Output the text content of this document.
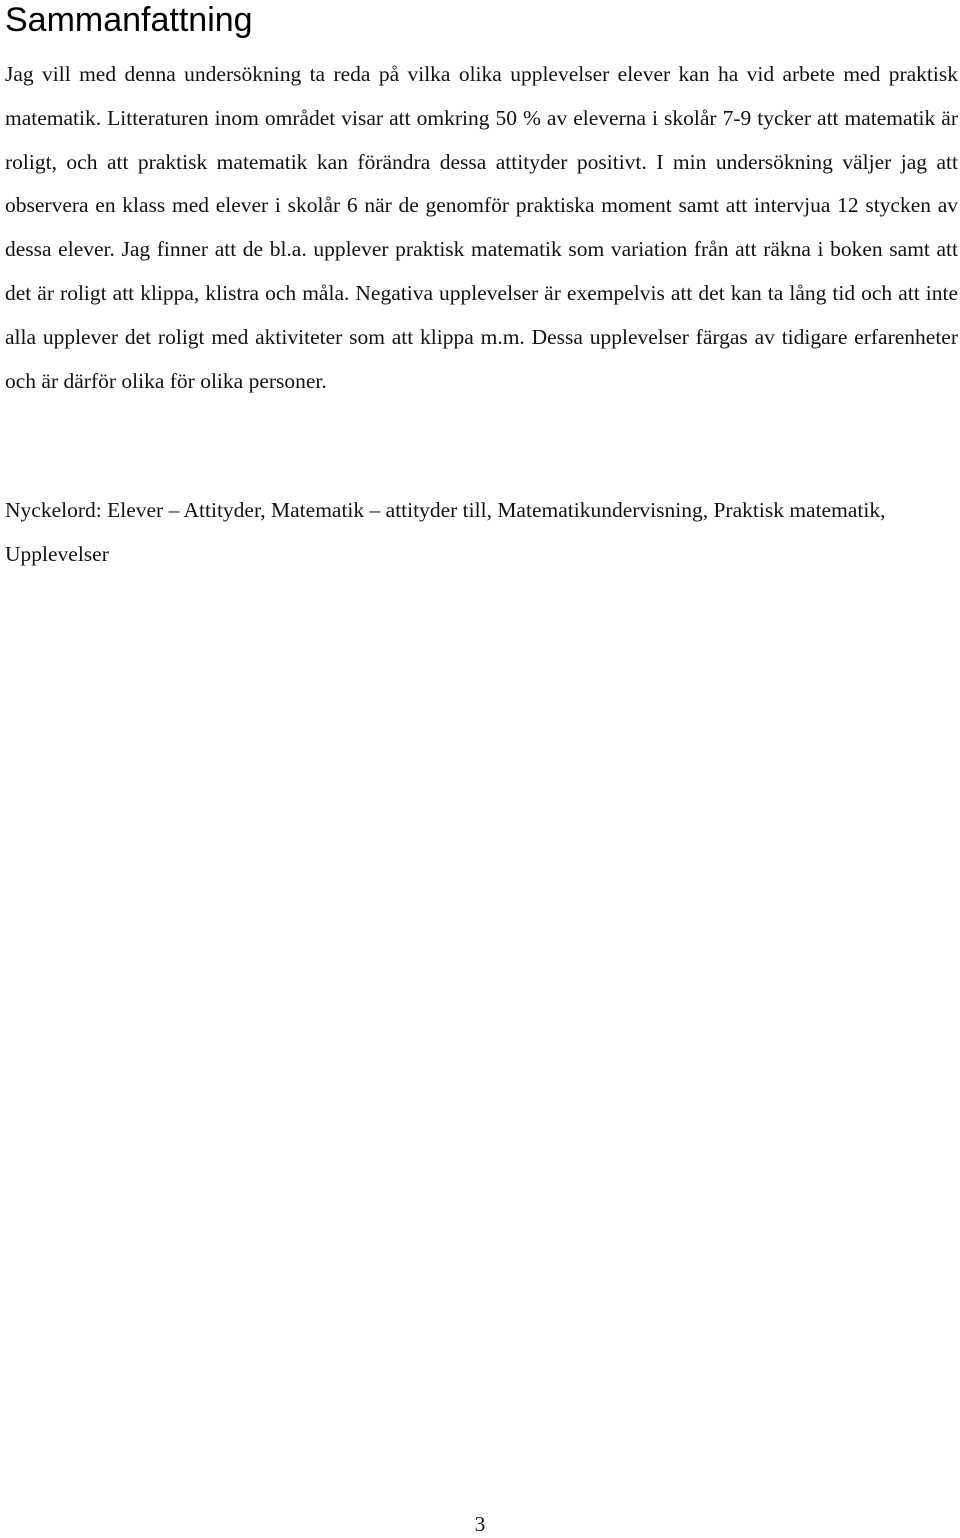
Sammanfattning

Jag vill med denna undersökning ta reda på vilka olika upplevelser elever kan ha vid arbete med praktisk matematik. Litteraturen inom området visar att omkring 50 % av eleverna i skolår 7-9 tycker att matematik är roligt, och att praktisk matematik kan förändra dessa attityder positivt. I min undersökning väljer jag att observera en klass med elever i skolår 6 när de genomför praktiska moment samt att intervjua 12 stycken av dessa elever. Jag finner att de bl.a. upplever praktisk matematik som variation från att räkna i boken samt att det är roligt att klippa, klistra och måla. Negativa upplevelser är exempelvis att det kan ta lång tid och att inte alla upplever det roligt med aktiviteter som att klippa m.m. Dessa upplevelser färgas av tidigare erfarenheter och är därför olika för olika personer.

Nyckelord: Elever – Attityder, Matematik – attityder till, Matematikundervisning, Praktisk matematik, Upplevelser

3
